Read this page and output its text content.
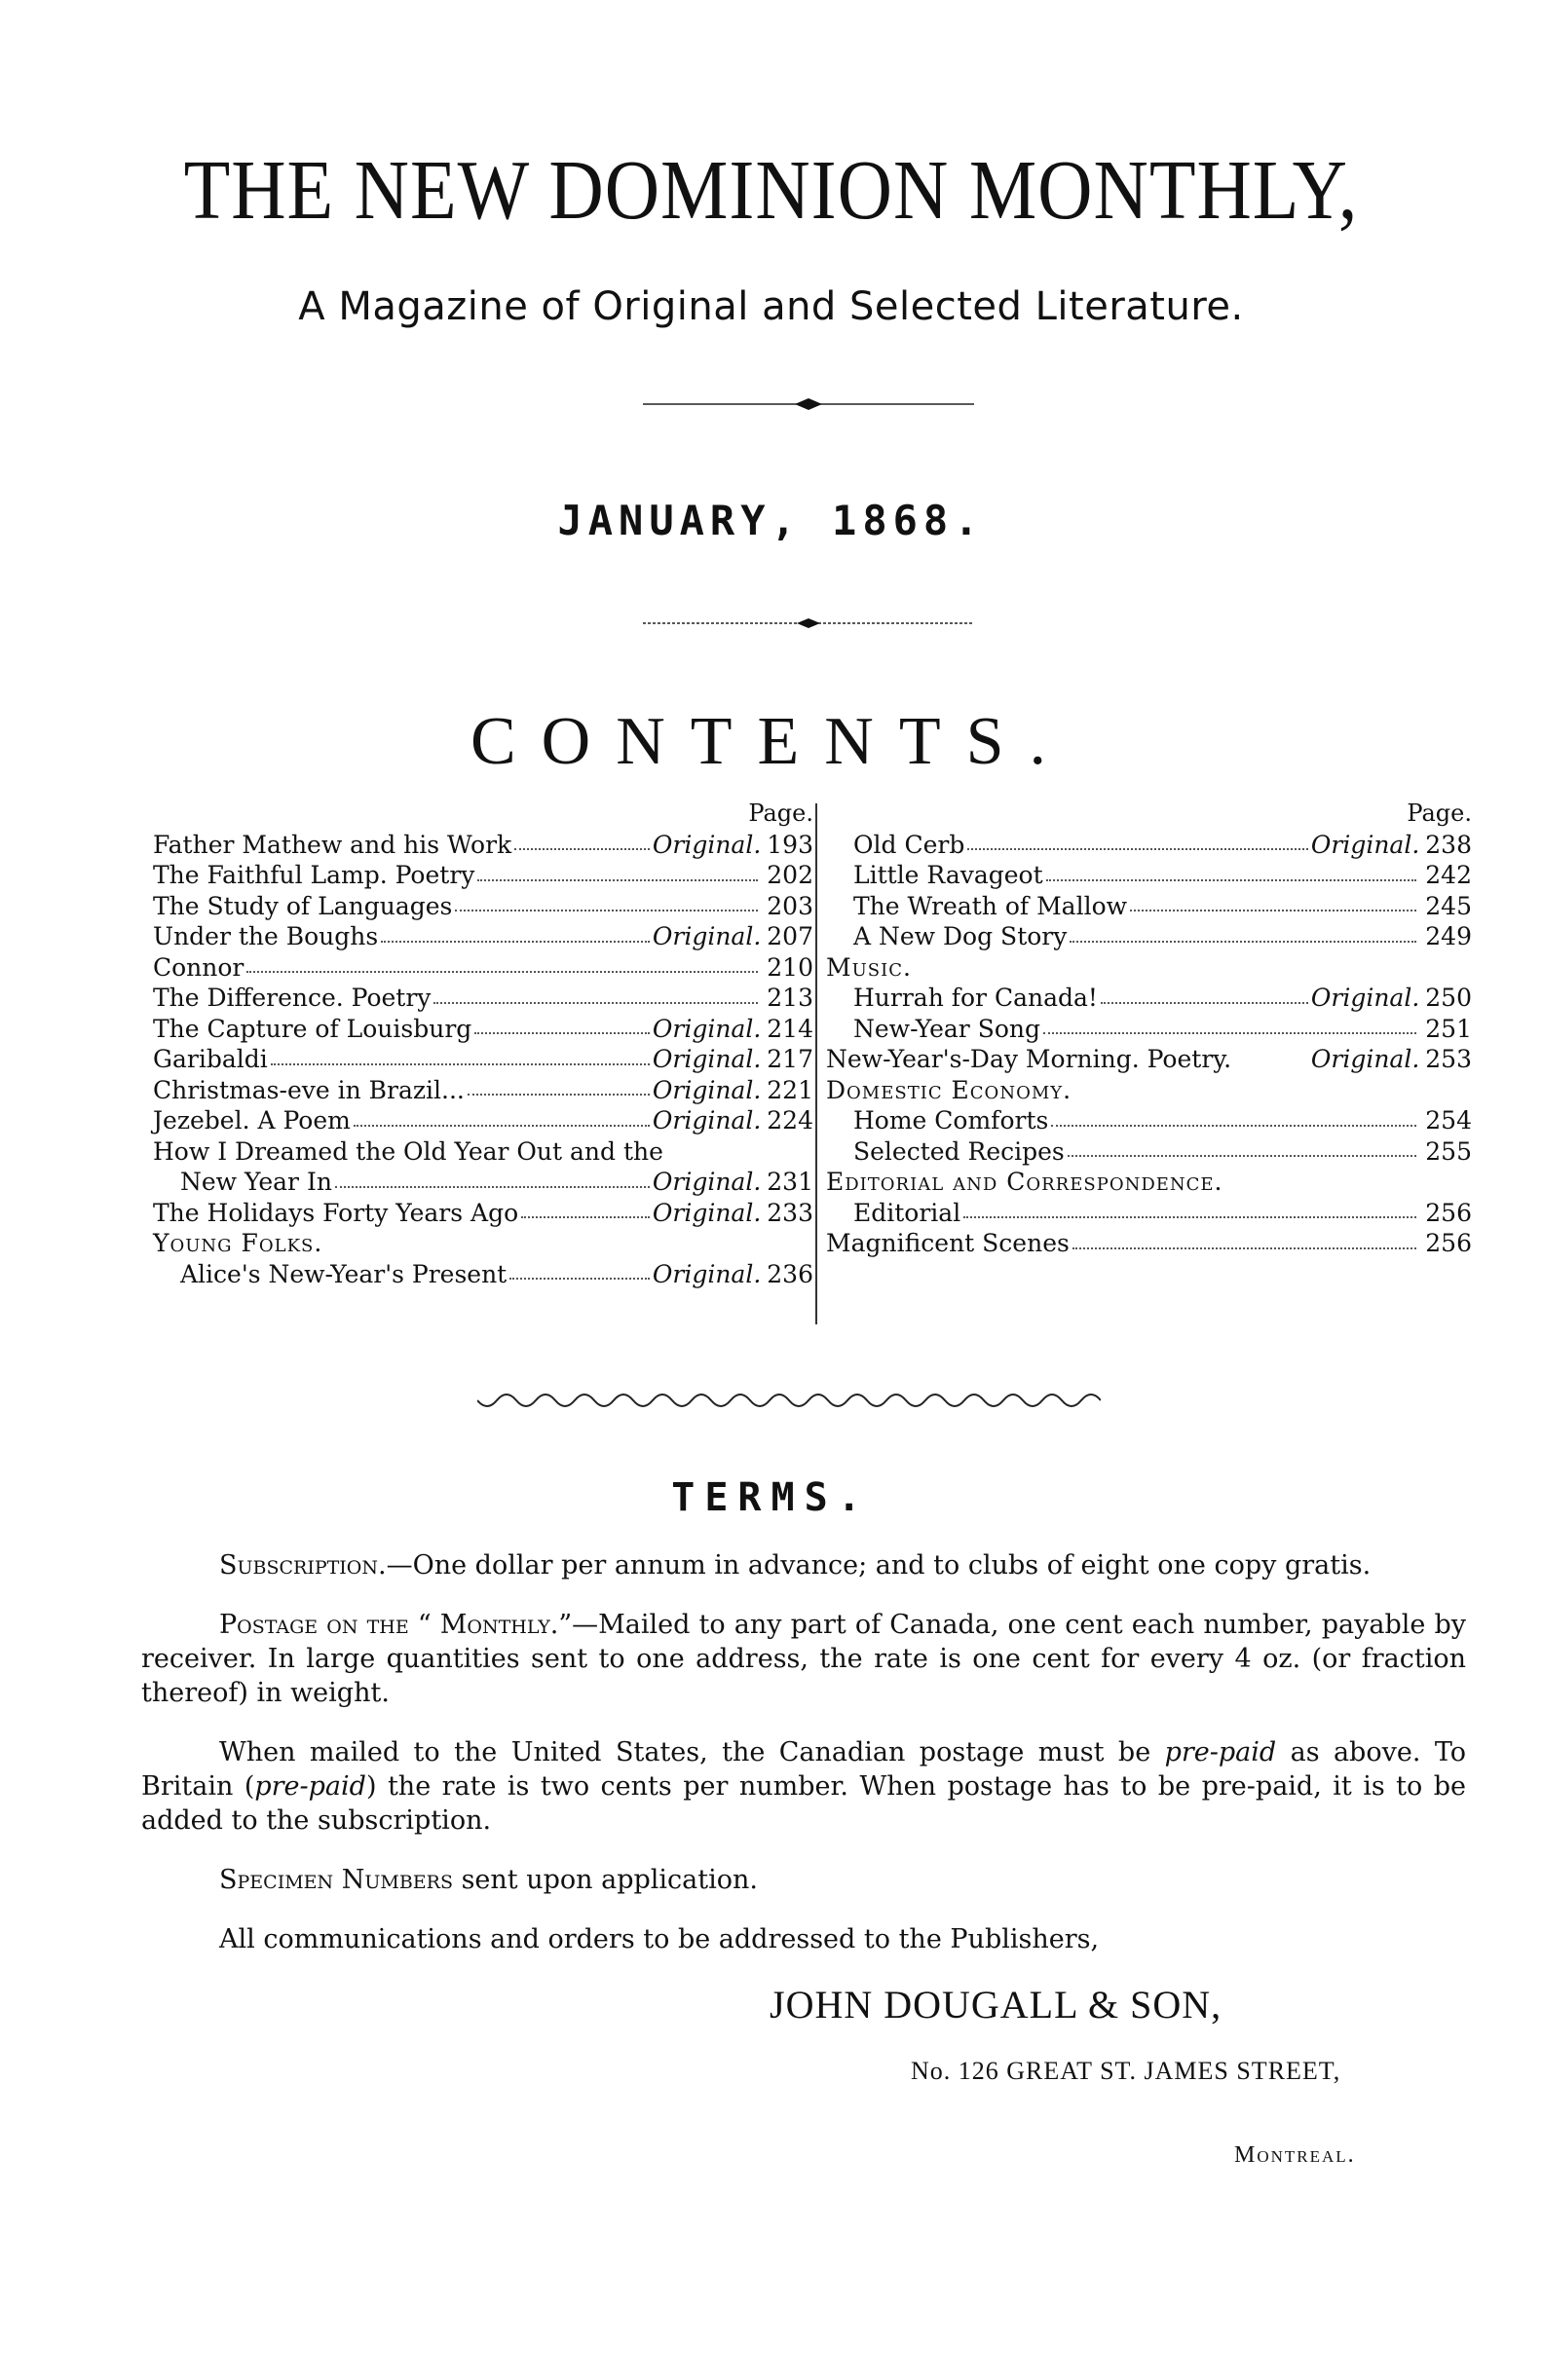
THE NEW DOMINION MONTHLY,
A Magazine of Original and Selected Literature.
JANUARY, 1868.
CONTENTS.
Page.
Father Mathew and his Work	Original. 193
The Faithful Lamp. Poetry	202
The Study of Languages	203
Under the Boughs	Original. 207
Connor	210
The Difference. Poetry	213
The Capture of Louisburg	Original. 214
Garibaldi	Original. 217
Christmas-eve in Brazil...	Original. 221
Jezebel. A Poem	Original. 224
How I Dreamed the Old Year Out and the
New Year In	Original. 231
The Holidays Forty Years Ago	Original. 233
Young Folks.
Alice's New-Year's Present	Original. 236
Page.
Old Cerb	Original. 238
Little Ravageot	242
The Wreath of Mallow	245
A New Dog Story	249
Music.
Hurrah for Canada!	Original. 250
New-Year Song	251
New-Year's-Day Morning. Poetry.	Original. 253
Domestic Economy.
Home Comforts	254
Selected Recipes	255
Editorial and Correspondence.
Editorial	256
Magnificent Scenes	256
TERMS.

Subscription.—One dollar per annum in advance; and to clubs of eight one copy gratis.

Postage on the “ Monthly.”—Mailed to any part of Canada, one cent each number, payable by receiver. In large quantities sent to one address, the rate is one cent for every 4 oz. (or fraction thereof) in weight.

When mailed to the United States, the Canadian postage must be pre-paid as above. To Britain (pre-paid) the rate is two cents per number. When postage has to be pre-paid, it is to be added to the subscription.

Specimen Numbers sent upon application.

All communications and orders to be addressed to the Publishers,

JOHN DOUGALL & SON,
No. 126 GREAT ST. JAMES STREET,
Montreal.
